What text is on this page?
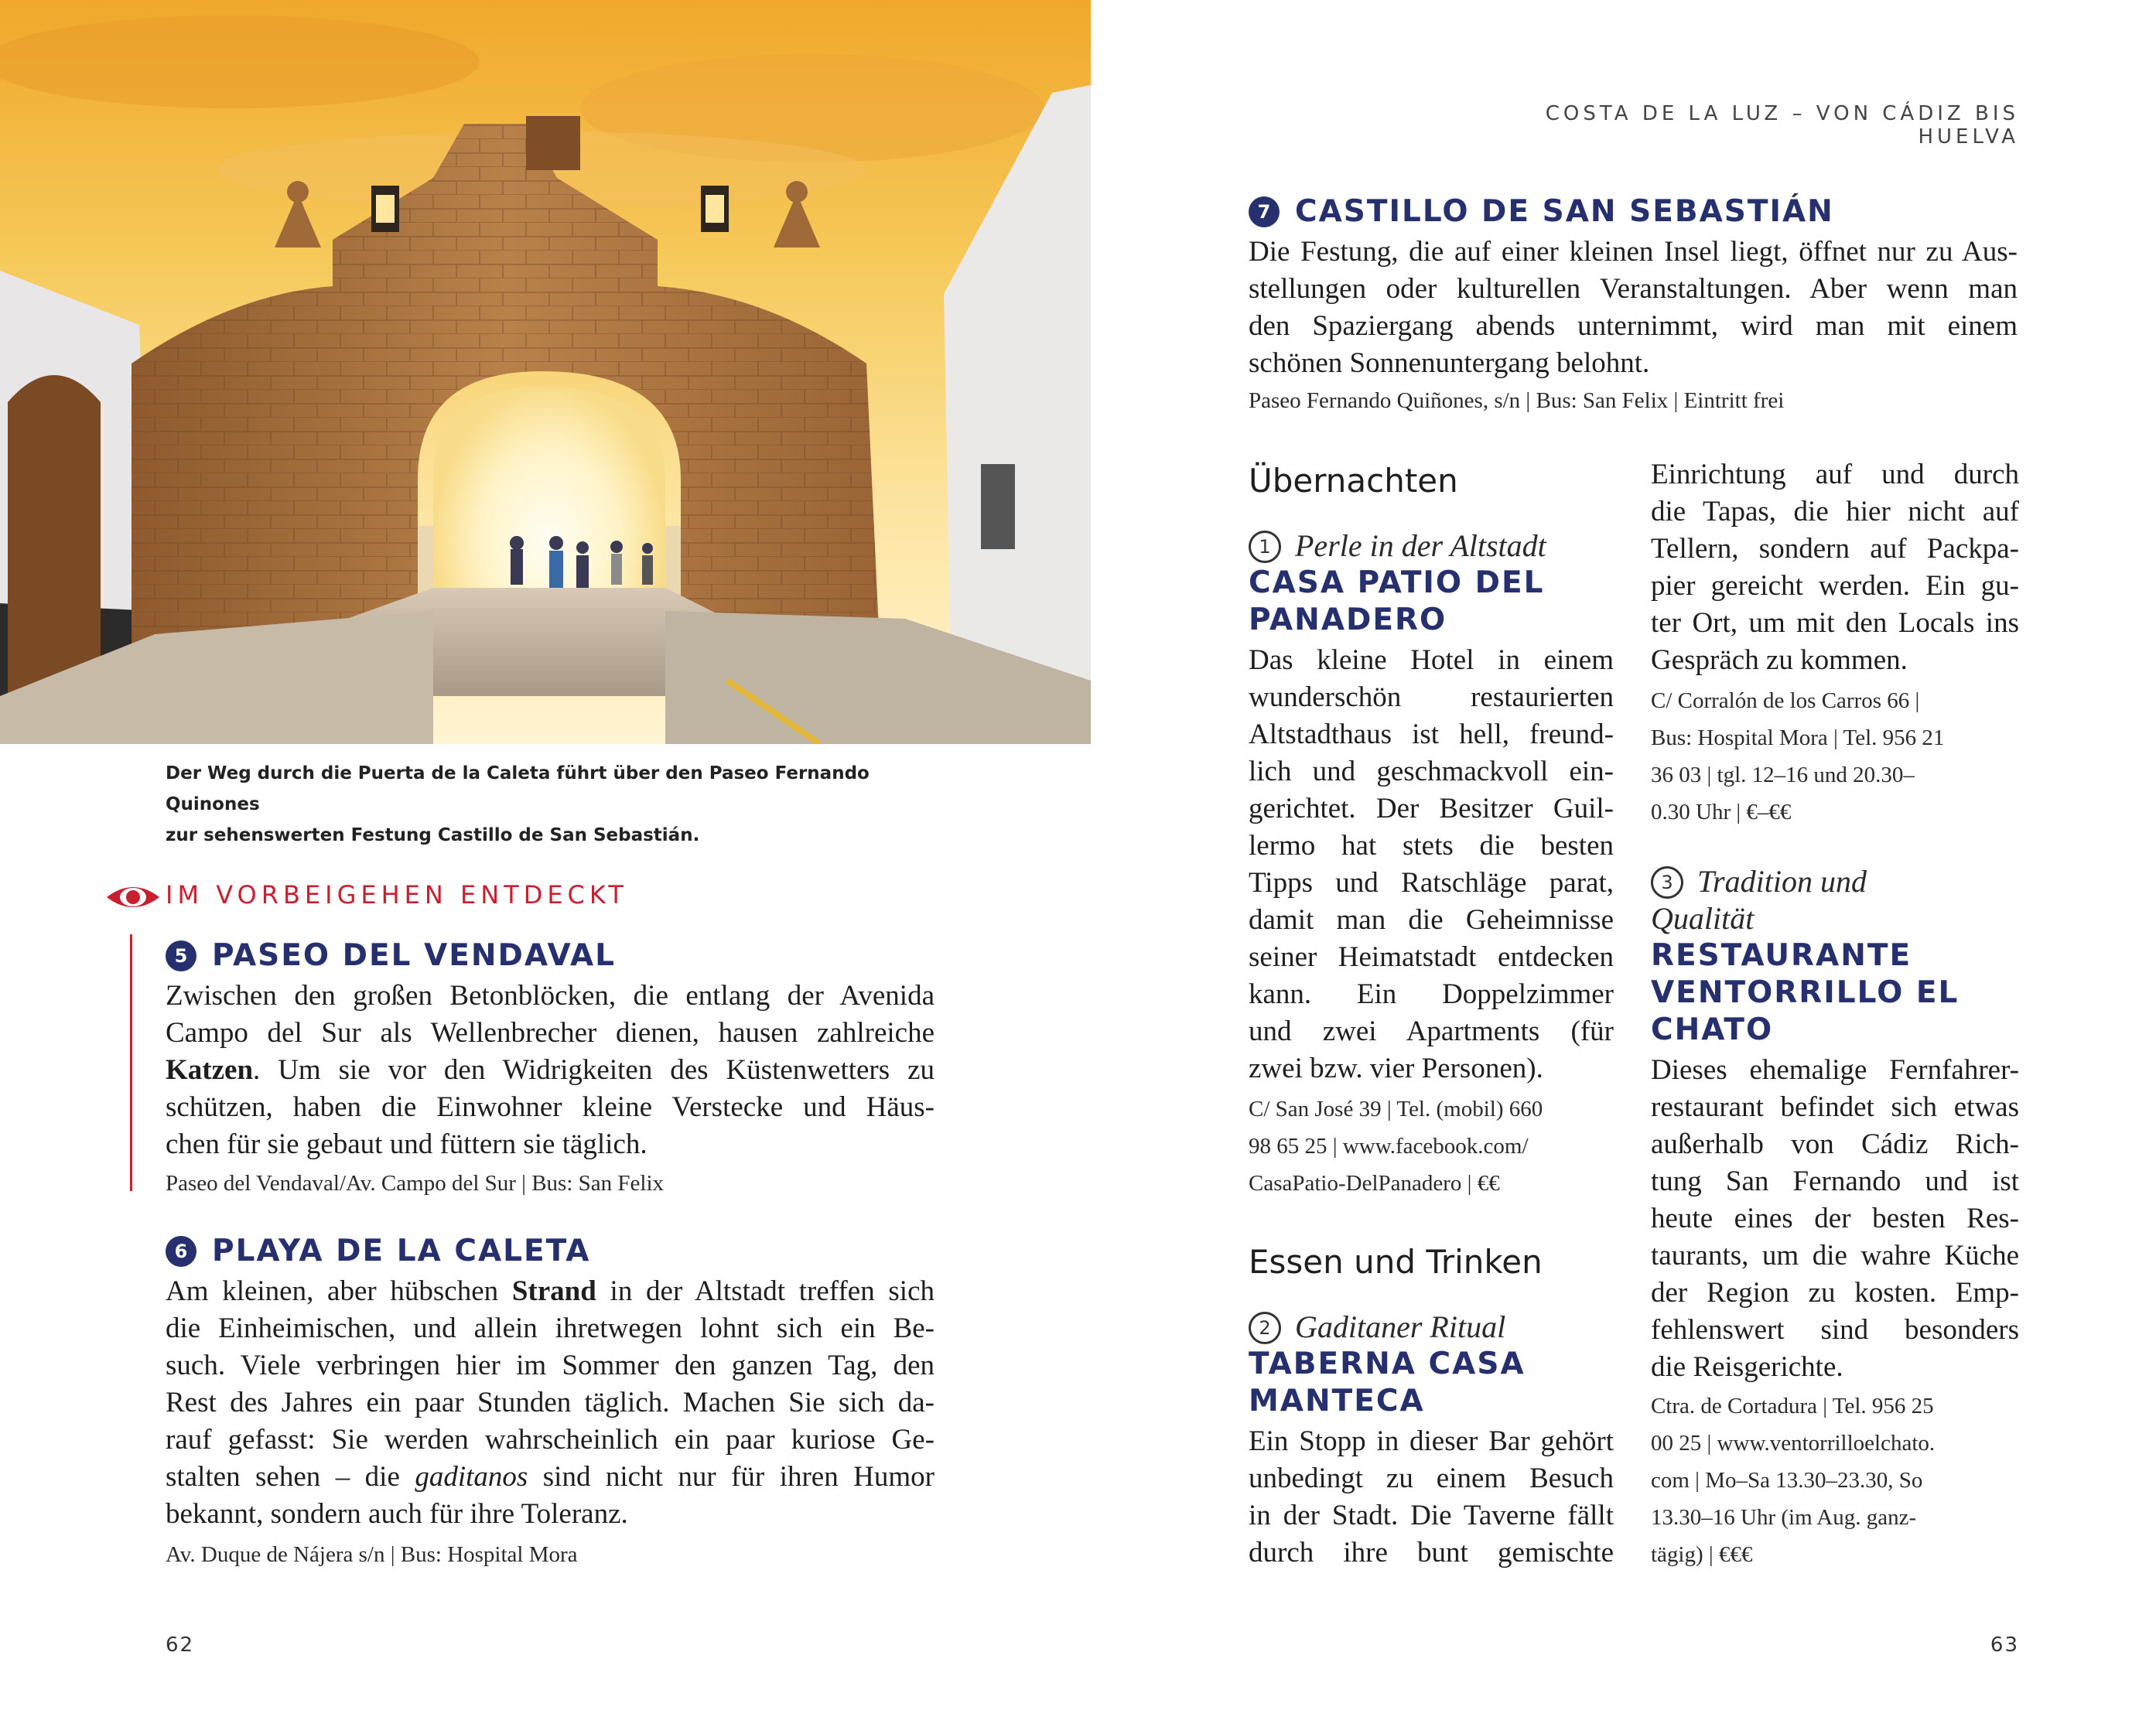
Der Weg durch die Puerta de la Caleta führt über den Paseo Fernando Quinones
zur sehenswerten Festung Castillo de San Sebastián.
IM VORBEIGEHEN ENTDECKT
5 PASEO DEL VENDAVAL
Zwischen den großen Betonblöcken, die entlang der Avenida
Campo del Sur als Wellenbrecher dienen, hausen zahlreiche
Katzen. Um sie vor den Widrigkeiten des Küstenwetters zu
schützen, haben die Einwohner kleine Verstecke und Häus-
chen für sie gebaut und füttern sie täglich.
Paseo del Vendaval/Av. Campo del Sur | Bus: San Felix
6 PLAYA DE LA CALETA
Am kleinen, aber hübschen Strand in der Altstadt treffen sich
die Einheimischen, und allein ihretwegen lohnt sich ein Be-
such. Viele verbringen hier im Sommer den ganzen Tag, den
Rest des Jahres ein paar Stunden täglich. Machen Sie sich da-
rauf gefasst: Sie werden wahrscheinlich ein paar kuriose Ge-
stalten sehen – die gaditanos sind nicht nur für ihren Humor
bekannt, sondern auch für ihre Toleranz.
Av. Duque de Nájera s/n | Bus: Hospital Mora
62
COSTA DE LA LUZ – VON CÁDIZ BIS HUELVA
7 CASTILLO DE SAN SEBASTIÁN
Die Festung, die auf einer kleinen Insel liegt, öffnet nur zu Aus-
stellungen oder kulturellen Veranstaltungen. Aber wenn man
den Spaziergang abends unternimmt, wird man mit einem
schönen Sonnenuntergang belohnt.
Paseo Fernando Quiñones, s/n | Bus: San Felix | Eintritt frei
Übernachten
1 Perle in der Altstadt
CASA PATIO DEL
PANADERO
Das kleine Hotel in einem
wunderschön restaurierten
Altstadthaus ist hell, freund-
lich und geschmackvoll ein-
gerichtet. Der Besitzer Guil-
lermo hat stets die besten
Tipps und Ratschläge parat,
damit man die Geheimnisse
seiner Heimatstadt entdecken
kann. Ein Doppelzimmer
und zwei Apartments (für
zwei bzw. vier Personen).
C/ San José 39 | Tel. (mobil) 660
98 65 25 | www.facebook.com/
CasaPatio-DelPanadero | €€
Essen und Trinken
2 Gaditaner Ritual
TABERNA CASA
MANTECA
Ein Stopp in dieser Bar gehört
unbedingt zu einem Besuch
in der Stadt. Die Taverne fällt
durch ihre bunt gemischte
Einrichtung auf und durch
die Tapas, die hier nicht auf
Tellern, sondern auf Packpa-
pier gereicht werden. Ein gu-
ter Ort, um mit den Locals ins
Gespräch zu kommen.
C/ Corralón de los Carros 66 |
Bus: Hospital Mora | Tel. 956 21
36 03 | tgl. 12–16 und 20.30–
0.30 Uhr | €–€€
3 Tradition und
Qualität
RESTAURANTE
VENTORRILLO EL
CHATO
Dieses ehemalige Fernfahrer-
restaurant befindet sich etwas
außerhalb von Cádiz Rich-
tung San Fernando und ist
heute eines der besten Res-
taurants, um die wahre Küche
der Region zu kosten. Emp-
fehlenswert sind besonders
die Reisgerichte.
Ctra. de Cortadura | Tel. 956 25
00 25 | www.ventorrilloelchato.
com | Mo–Sa 13.30–23.30, So
13.30–16 Uhr (im Aug. ganz-
tägig) | €€€
63
